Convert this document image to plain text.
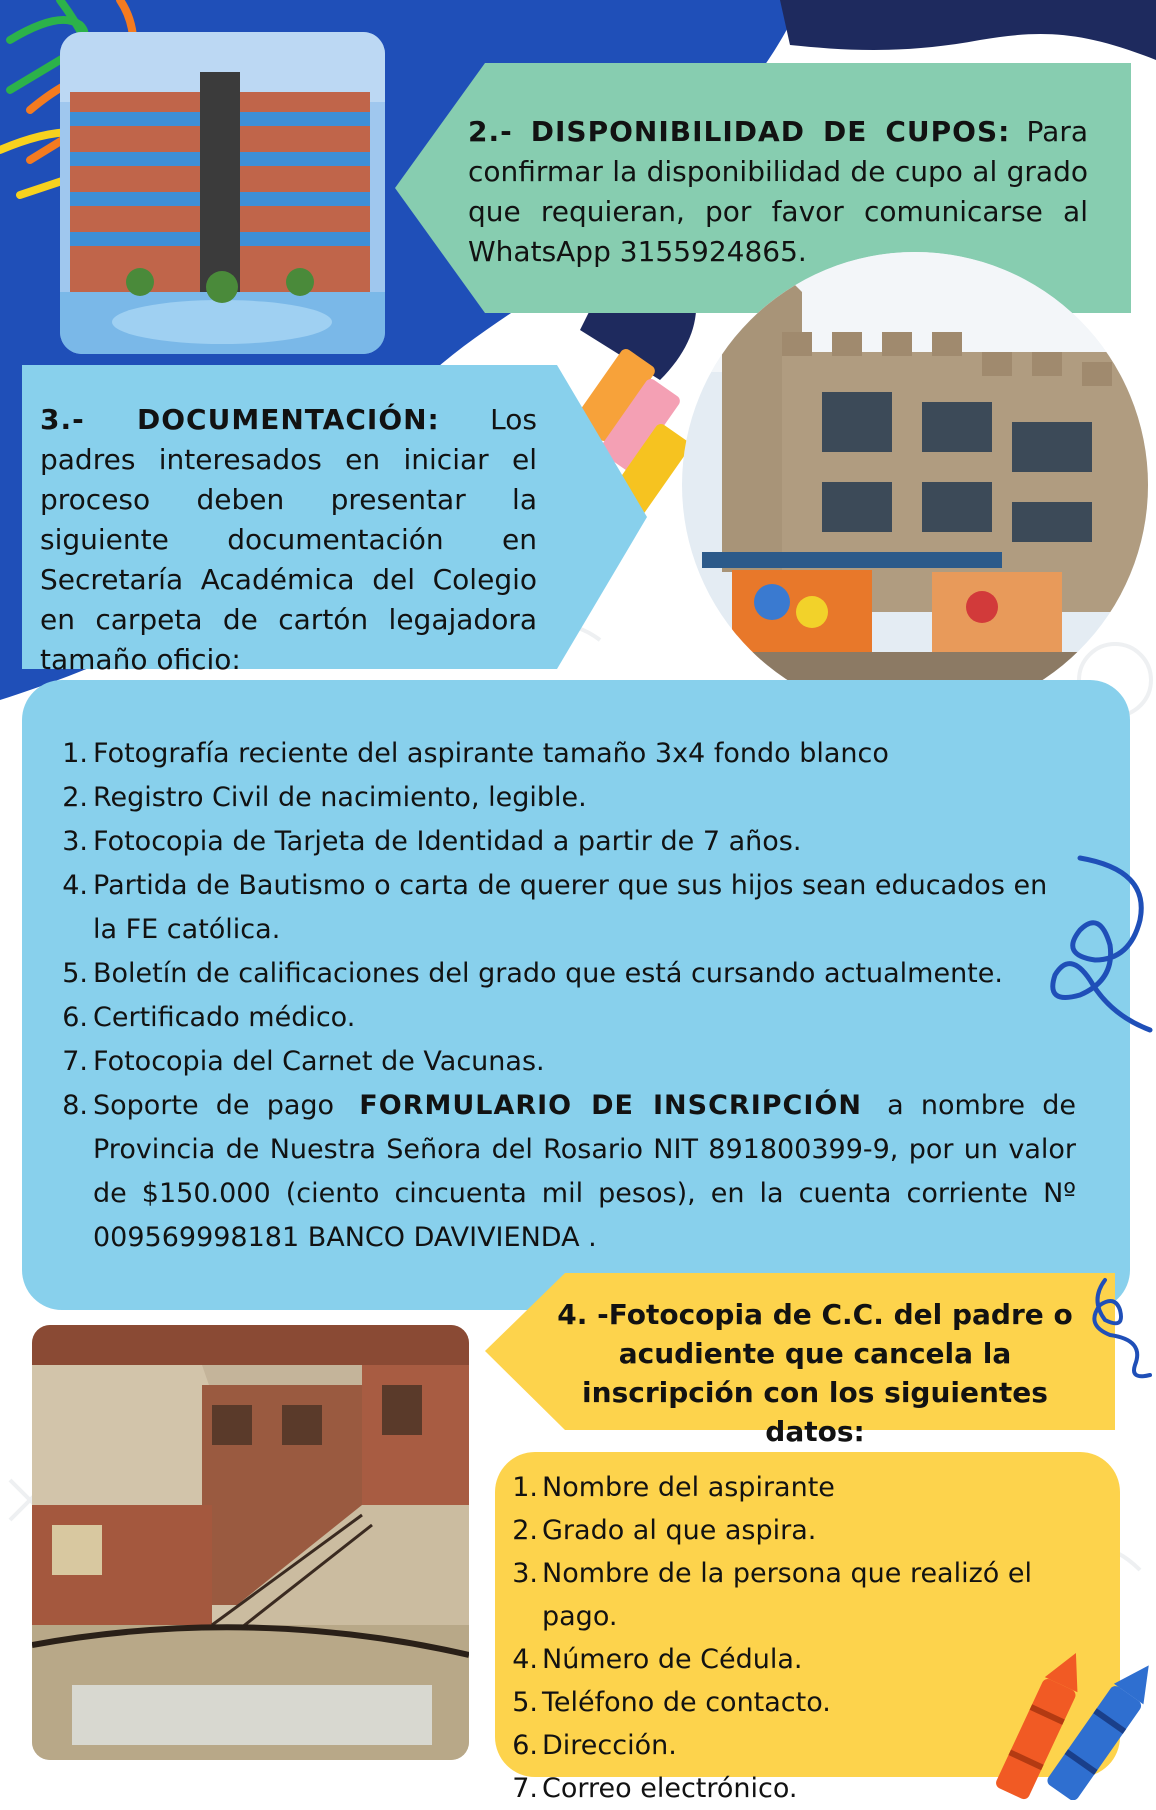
2.- DISPONIBILIDAD DE CUPOS: Para confirmar la disponibilidad de cupo al grado que requieran, por favor comunicarse al WhatsApp 3155924865.
3.- DOCUMENTACIÓN: Los padres interesados en iniciar el proceso deben presentar la siguiente documentación en Secretaría Académica del Colegio en carpeta de cartón legajadora tamaño oficio:
1. Fotografía reciente del aspirante tamaño 3x4 fondo blanco
2. Registro Civil de nacimiento, legible.
3. Fotocopia de Tarjeta de Identidad a partir de 7 años.
4. Partida de Bautismo o carta de querer que sus hijos sean educados en la FE católica.
5. Boletín de calificaciones del grado que está cursando actualmente.
6. Certificado médico.
7. Fotocopia del Carnet de Vacunas.
8. Soporte de pago FORMULARIO DE INSCRIPCIÓN a nombre de Provincia de Nuestra Señora del Rosario NIT 891800399-9, por un valor de $150.000 (ciento cincuenta mil pesos), en la cuenta corriente Nº 009569998181 BANCO DAVIVIENDA .
4. -Fotocopia de C.C. del padre o acudiente que cancela la inscripción con los siguientes datos:
1. Nombre del aspirante
2. Grado al que aspira.
3. Nombre de la persona que realizó el pago.
4. Número de Cédula.
5. Teléfono de contacto.
6. Dirección.
7. Correo electrónico.
